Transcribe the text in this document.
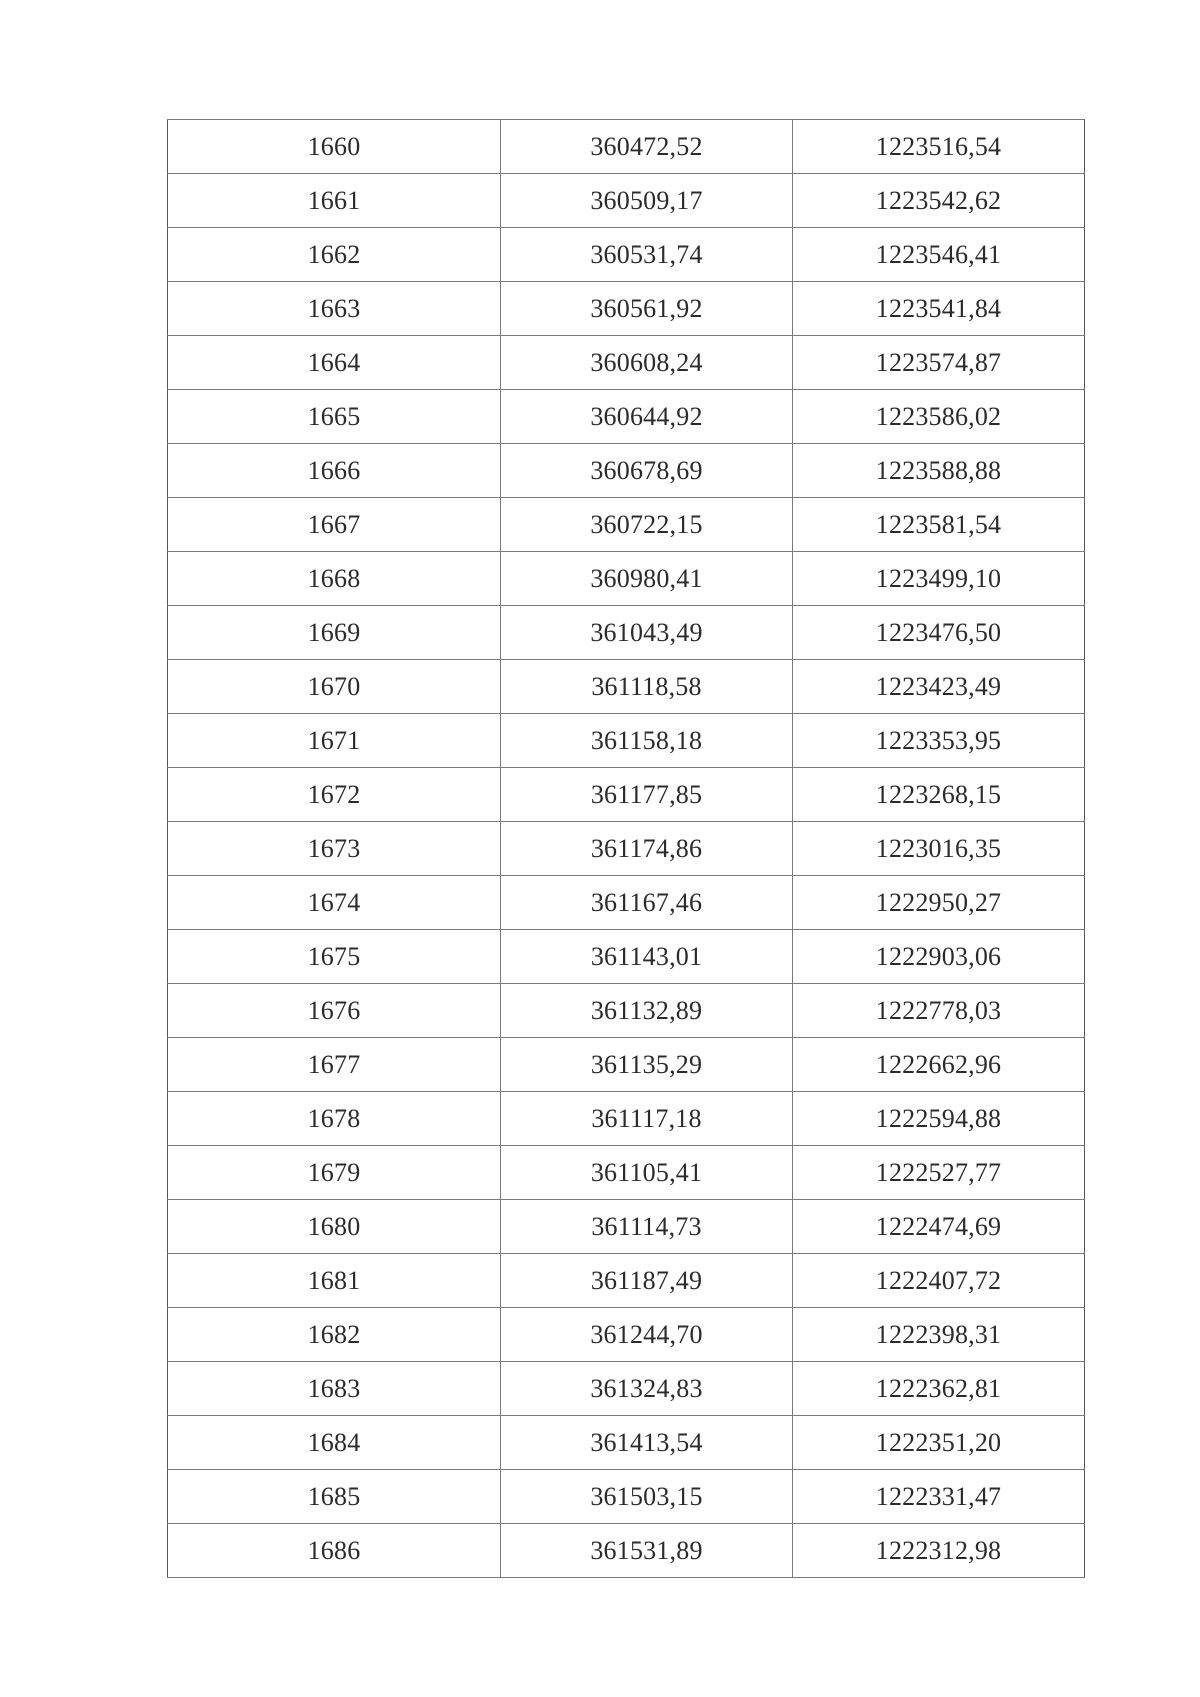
1660	360472,52	1223516,54
1661	360509,17	1223542,62
1662	360531,74	1223546,41
1663	360561,92	1223541,84
1664	360608,24	1223574,87
1665	360644,92	1223586,02
1666	360678,69	1223588,88
1667	360722,15	1223581,54
1668	360980,41	1223499,10
1669	361043,49	1223476,50
1670	361118,58	1223423,49
1671	361158,18	1223353,95
1672	361177,85	1223268,15
1673	361174,86	1223016,35
1674	361167,46	1222950,27
1675	361143,01	1222903,06
1676	361132,89	1222778,03
1677	361135,29	1222662,96
1678	361117,18	1222594,88
1679	361105,41	1222527,77
1680	361114,73	1222474,69
1681	361187,49	1222407,72
1682	361244,70	1222398,31
1683	361324,83	1222362,81
1684	361413,54	1222351,20
1685	361503,15	1222331,47
1686	361531,89	1222312,98
